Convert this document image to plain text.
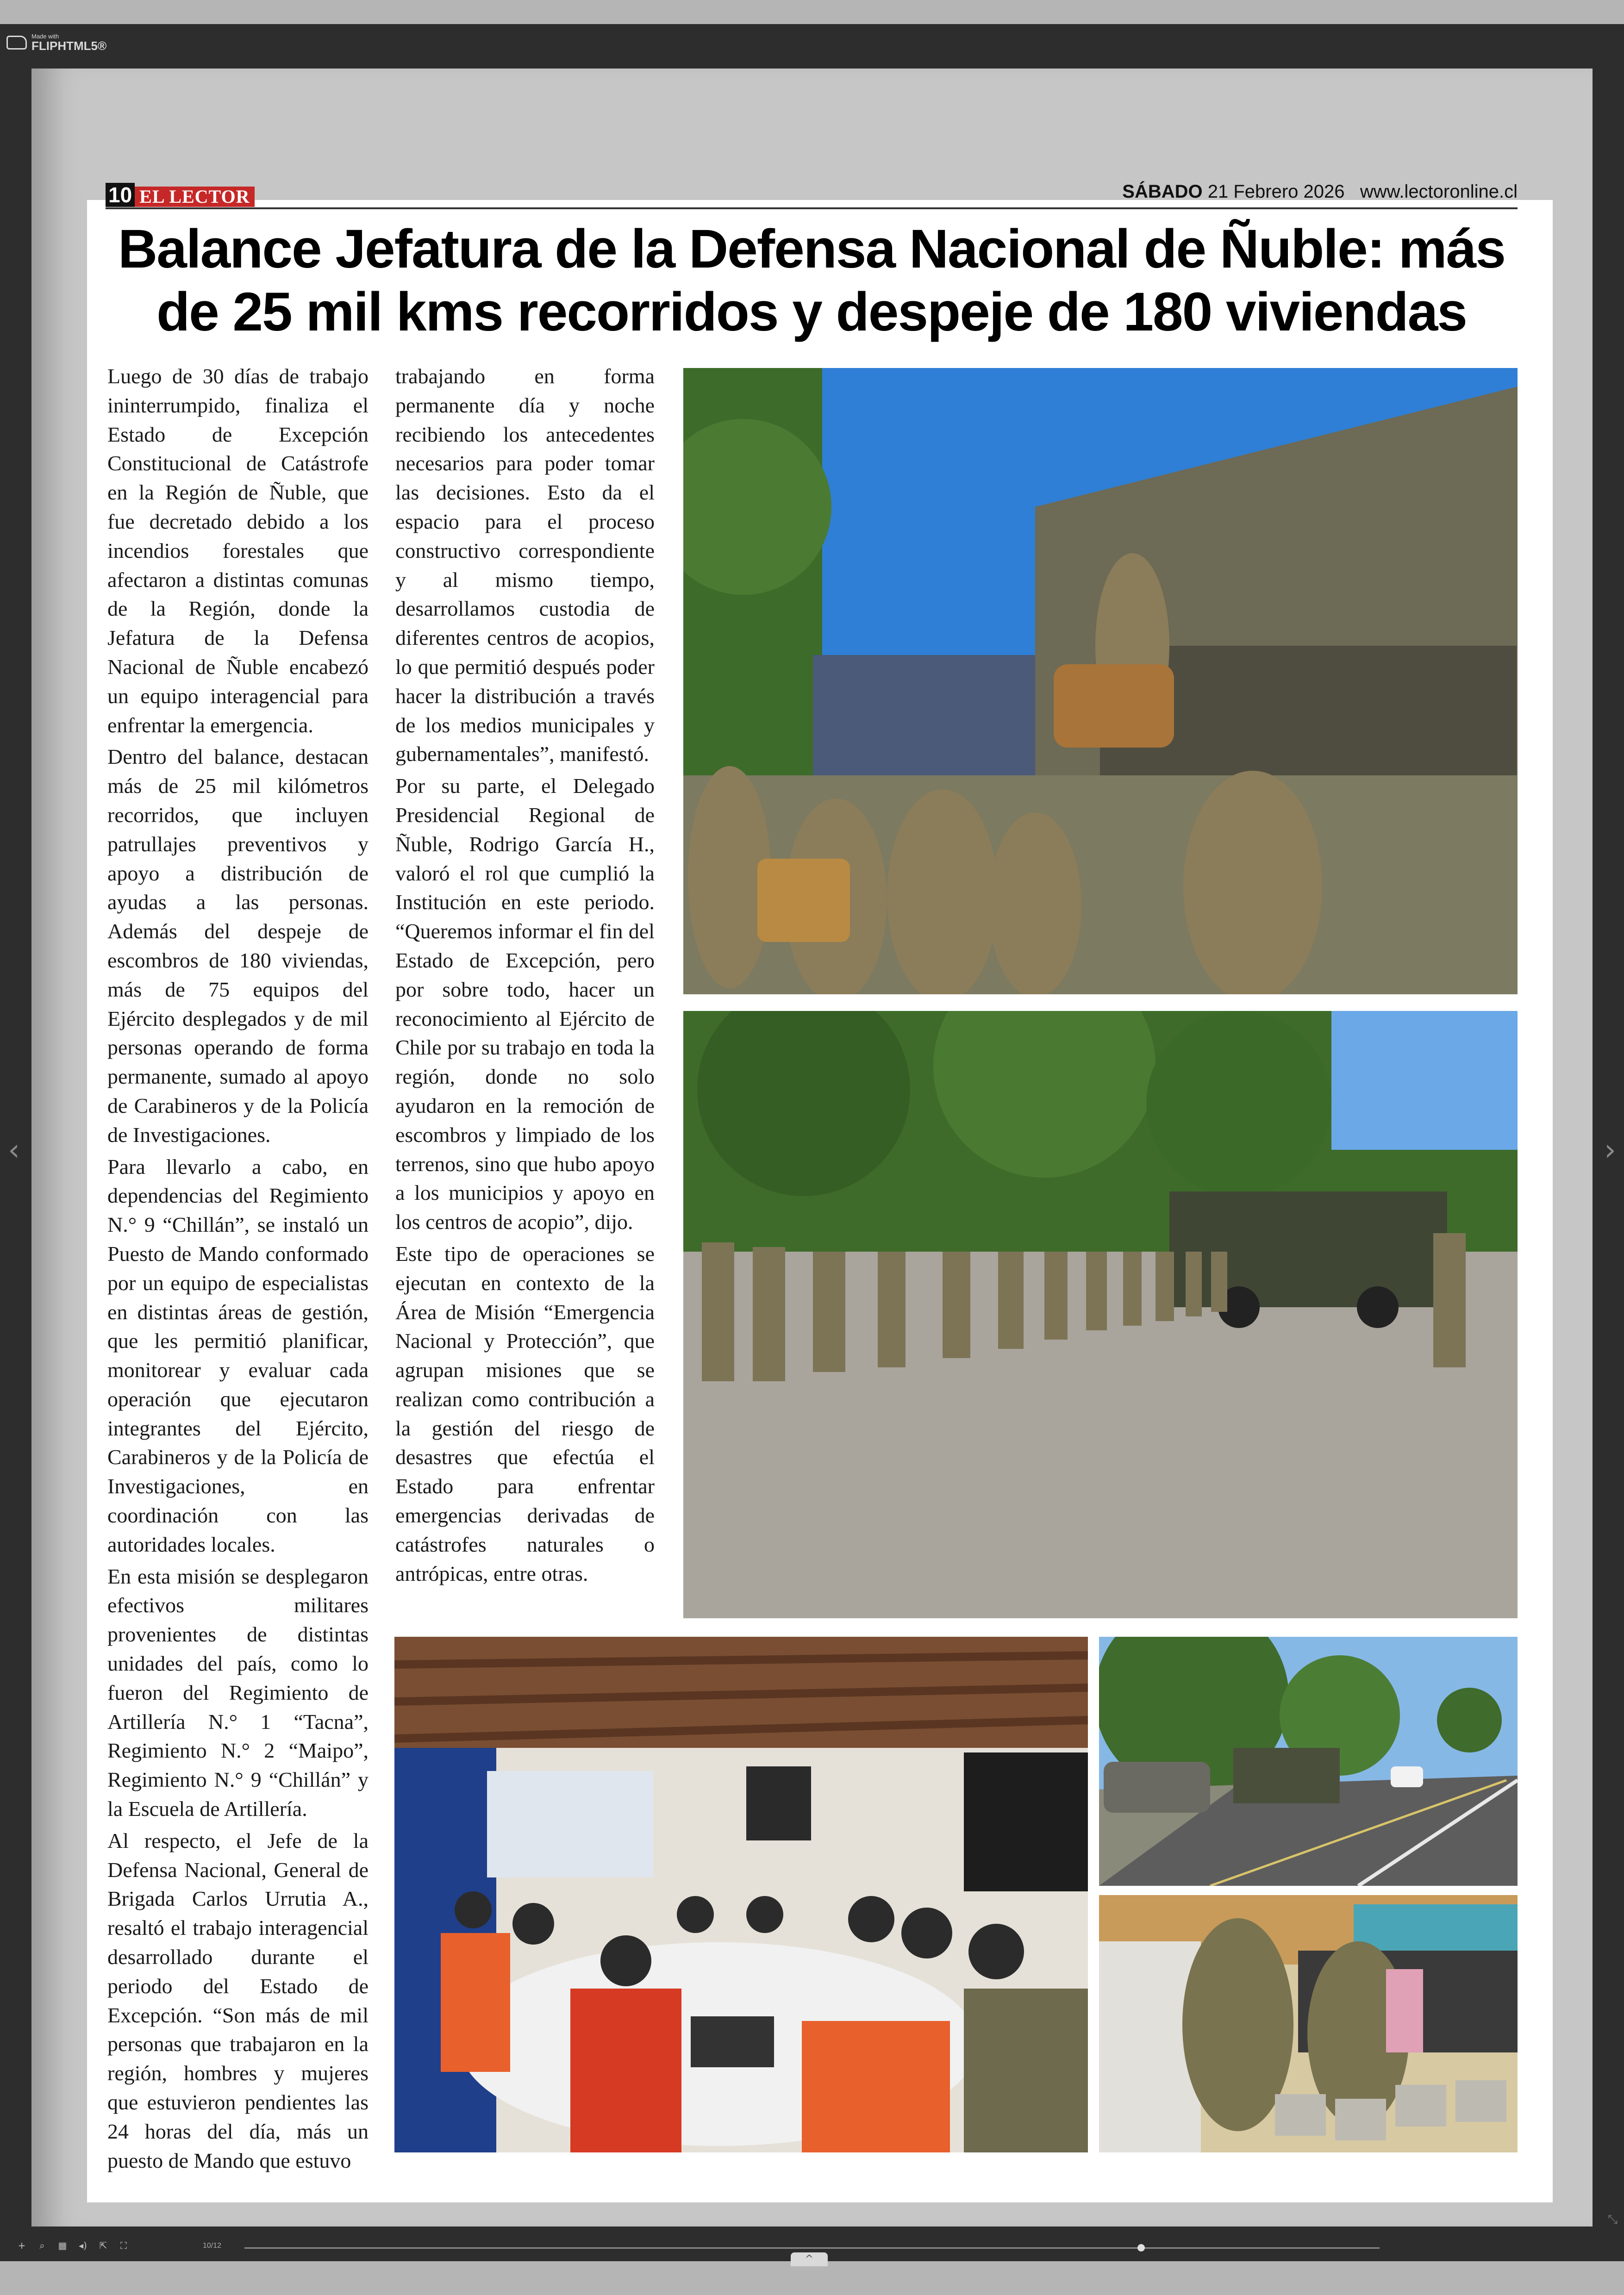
Made with
FLIPHTML5®
‹	›
10 EL LECTOR	SÁBADO 21 Febrero 2026 www.lectoronline.cl
Balance Jefatura de la Defensa Nacional de Ñuble: más de 25 mil kms recorridos y despeje de 180 viviendas

Luego de 30 días de trabajo ininterrumpido, finaliza el Estado de Excepción Constitucional de Catástrofe en la Región de Ñuble, que fue decretado debido a los incendios forestales que afectaron a distintas comunas de la Región, donde la Jefatura de la Defensa Nacional de Ñuble encabezó un equipo interagencial para enfrentar la emergencia.

Dentro del balance, destacan más de 25 mil kilómetros recorridos, que incluyen patrullajes preventivos y apoyo a distribución de ayudas a las personas. Además del despeje de escombros de 180 viviendas, más de 75 equipos del Ejército desplegados y de mil personas operando de forma permanente, sumado al apoyo de Carabineros y de la Policía de Investigaciones.

Para llevarlo a cabo, en dependencias del Regimiento N.° 9 “Chillán”, se instaló un Puesto de Mando conformado por un equipo de especialistas en distintas áreas de gestión, que les permitió planificar, monitorear y evaluar cada operación que ejecutaron integrantes del Ejército, Carabineros y de la Policía de Investigaciones, en coordinación con las autoridades locales.

En esta misión se desplegaron efectivos militares provenientes de distintas unidades del país, como lo fueron del Regimiento de Artillería N.° 1 “Tacna”, Regimiento N.° 2 “Maipo”, Regimiento N.° 9 “Chillán” y la Escuela de Artillería.

Al respecto, el Jefe de la Defensa Nacional, General de Brigada Carlos Urrutia A., resaltó el trabajo interagencial desarrollado durante el periodo del Estado de Excepción. “Son más de mil personas que trabajaron en la región, hombres y mujeres que estuvieron pendientes las 24 horas del día, más un puesto de Mando que estuvo

trabajando en forma permanente día y noche recibiendo los antecedentes necesarios para poder tomar las decisiones. Esto da el espacio para el proceso constructivo correspondiente y al mismo tiempo, desarrollamos custodia de diferentes centros de acopios, lo que permitió después poder hacer la distribución a través de los medios municipales y gubernamentales”, manifestó.

Por su parte, el Delegado Presidencial Regional de Ñuble, Rodrigo García H., valoró el rol que cumplió la Institución en este periodo. “Queremos informar el fin del Estado de Excepción, pero por sobre todo, hacer un reconocimiento al Ejército de Chile por su trabajo en toda la región, donde no solo ayudaron en la remoción de escombros y limpiado de los terrenos, sino que hubo apoyo a los municipios y apoyo en los centros de acopio”, dijo.

Este tipo de operaciones se ejecutan en contexto de la Área de Misión “Emergencia Nacional y Protección”, que agrupan misiones que se realizan como contribución a la gestión del riesgo de desastres que efectúa el Estado para enfrentar emergencias derivadas de catástrofes naturales o antrópicas, entre otras.

+ ⌕ ▦ ◂) ⇱ ⛶	10/12
^
⤡
